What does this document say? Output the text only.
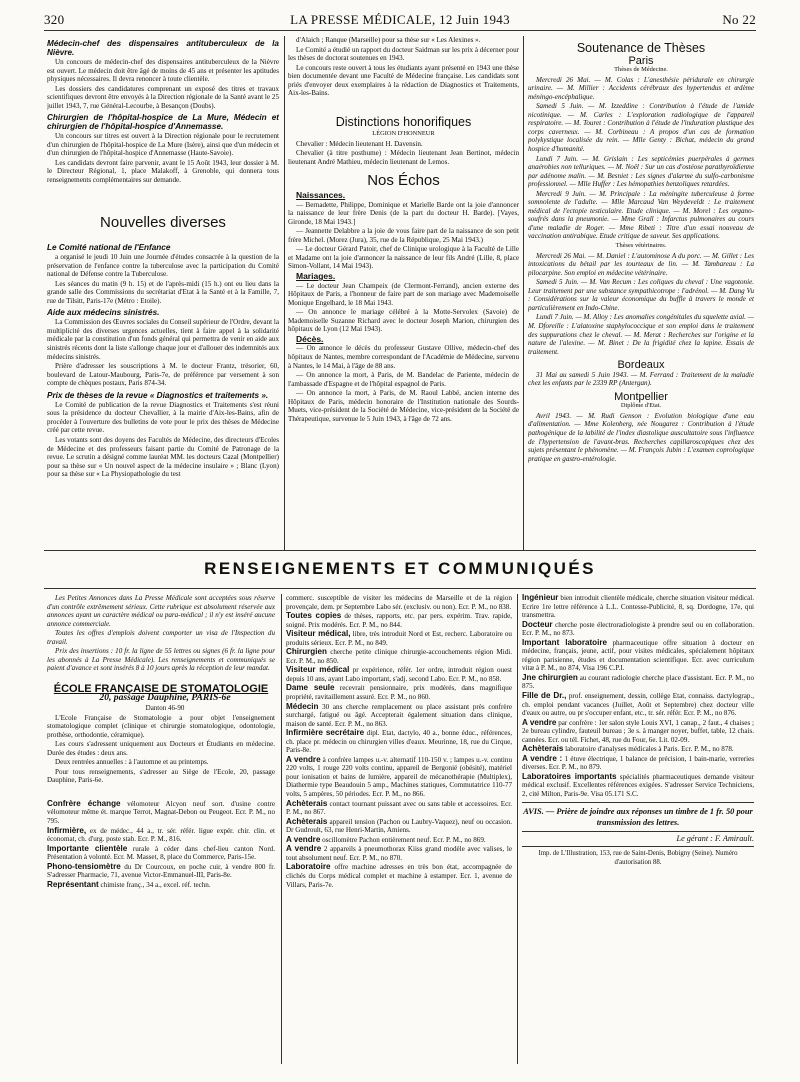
320	LA PRESSE MÉDICALE, 12 Juin 1943	No 22
Médecin-chef des dispensaires antituberculeux de la Nièvre.

Un concours de médecin-chef des dispensaires antituberculeux de la Nièvre est ouvert. Le médecin doit être âgé de moins de 45 ans et présenter les aptitudes physiques nécessaires. Il devra renoncer à toute clientèle.

Les dossiers des candidatures comprenant un exposé des titres et travaux scientifiques devront être envoyés à la Direction régionale de la Santé avant le 25 juillet 1943, 7, rue Général-Lecourbe, à Besançon (Doubs).

Chirurgien de l'hôpital-hospice de La Mure, Médecin et chirurgien de l'hôpital-hospice d'Annemasse.

Un concours sur titres est ouvert à la Direction régionale pour le recrutement d'un chirurgien de l'hôpital-hospice de La Mure (Isère), ainsi que d'un médecin et d'un chirurgien de l'hôpital-hospice d'Annemasse (Haute-Savoie).

Les candidats devront faire parvenir, avant le 15 Août 1943, leur dossier à M. le Directeur Régional, 1, place Malakoff, à Grenoble, qui donnera tous renseignements complémentaires sur demande.

Nouvelles diverses
Le Comité national de l'Enfance

a organisé le jeudi 10 Juin une Journée d'études consacrée à la question de la préservation de l'enfance contre la tuberculose avec la participation du Comité national de Défense contre la Tuberculose.

Les séances du matin (9 h. 15) et de l'après-midi (15 h.) ont eu lieu dans la grande salle des Commissions du secrétariat d'Etat à la Santé et à la Famille, 7, rue de Tilsitt, Paris-17e (Métro : Etoile).

Aide aux médecins sinistrés.

La Commission des Œuvres sociales du Conseil supérieur de l'Ordre, devant la multiplicité des diverses urgences actuelles, tient à faire appel à la solidarité médicale par la constitution d'un fonds général qui permettra de venir en aide aux sinistrés récents dont la liste s'allonge chaque jour et d'allouer des indemnités aux médecins sinistrés.

Prière d'adresser les souscriptions à M. le docteur Frantz, trésorier, 60, boulevard de Latour-Maubourg, Paris-7e, de préférence par versement à son compte de chèques postaux, Paris 874-34.

Prix de thèses de la revue « Diagnostics et traitements ».

Le Comité de publication de la revue Diagnostics et Traitements s'est réuni sous la présidence du docteur Chevallier, à la mairie d'Aix-les-Bains, afin de procéder à l'ouverture des bulletins de vote pour le prix des thèses de Médecine créé par cette revue.

Les votants sont des doyens des Facultés de Médecine, des directeurs d'Ecoles de Médecine et des professeurs faisant partie du Comité de Patronage de la revue. Le scrutin a désigné comme lauréat MM. les docteurs Cazal (Montpellier) pour sa thèse sur « Un nouvel aspect de la médecine insulaire » ; Blanc (Lyon) pour sa thèse sur « La Physiopathologie du test

d'Alaich ; Ranque (Marseille) pour sa thèse sur « Les Alexines ».

Le Comité a étudié un rapport du docteur Saidman sur les prix à décerner pour les thèses de doctorat soutenues en 1943.

Le concours reste ouvert à tous les étudiants ayant présenté en 1943 une thèse bien documentée devant une Faculté de Médecine française. Les candidats sont priés d'envoyer deux exemplaires à la rédaction de Diagnostics et Traitements, Aix-les-Bains.

Distinctions honorifiques

LÉGION D'HONNEUR

Chevalier : Médecin lieutenant H. Davensin.

Chevalier (à titre posthume) : Médecin lieutenant Jean Bertinot, médecin lieutenant André Mathieu, médecin lieutenant de Lemos.

Nos Échos

Naissances.

— Bernadette, Philippe, Dominique et Marielle Barde ont la joie d'annoncer la naissance de leur frère Denis (de la part du docteur H. Barde). [Vayes, Gironde, 18 Mai 1943.]

— Jeannette Delabbre a la joie de vous faire part de la naissance de son petit frère Michel. (Morez (Jura), 35, rue de la République, 25 Mai 1943.)

— Le docteur Gérard Patoir, chef de Clinique urologique à la Faculté de Lille et Madame ont la joie d'annoncer la naissance de leur fils André (Lille, 8, place Simon-Vollant, 14 Mai 1943).

Mariages.

— Le docteur Jean Champeix (de Clermont-Ferrand), ancien externe des Hôpitaux de Paris, a l'honneur de faire part de son mariage avec Mademoiselle Monique Engelhard, le 18 Mai 1943.

— On annonce le mariage célébré à la Motte-Servolex (Savoie) de Mademoiselle Suzanne Richard avec le docteur Joseph Marion, chirurgien des hôpitaux de Lyon (12 Mai 1943).

Décès.

— On annonce le décès du professeur Gustave Ollive, médecin-chef des hôpitaux de Nantes, membre correspondant de l'Académie de Médecine, survenu à Nantes, le 14 Mai, à l'âge de 88 ans.

— On annonce la mort, à Paris, de M. Bandelac de Pariente, médecin de l'ambassade d'Espagne et de l'hôpital espagnol de Paris.

— On annonce la mort, à Paris, de M. Raoul Labbé, ancien interne des Hôpitaux de Paris, médecin honoraire de l'Institution nationale des Sourds-Muets, vice-président de la Société de Médecine, vice-président de la Société de Thérapeutique, survenue le 5 Juin 1943, à l'âge de 72 ans.

Soutenance de Thèses
Paris

Thèses de Médecine.

Mercredi 26 Mai. — M. Colas : L'anesthésie péridurale en chirurgie urinaire. — M. Millier : Accidents cérébraux des hypertendus et œdème méningo-encéphalique.

Samedi 5 Juin. — M. Izzeddine : Contribution à l'étude de l'amide nicotinique. — M. Carles : L'exploration radiologique de l'appareil respiratoire. — M. Touret : Contribution à l'étude de l'induration plastique des corps caverneux. — M. Corbineau : A propos d'un cas de formation polykystique localisée du rein. — Mlle Genty : Bichat, médecin du grand hospice d'humanité.

Lundi 7 Juin. — M. Grislain : Les septicémies puerpérales à germes anaérobies non telluriques. — M. Noël : Sur un cas d'ostéose parathyroïdienne par adénome malin. — M. Besniet : Les signes d'alarme du sulfo-carbonisme professionnel. — Mlle Huffer : Les hémopathies benzoliques retardées.

Mercredi 9 Juin. — M. Principale : La méningite tuberculeuse à forme somnolente de l'adulte. — Mlle Marcaud Van Weydeveldt : Le traitement médical de l'ectopie testiculaire. Etude clinique. — M. Morel : Les organo-soufrés dans la pneumonie. — Mme Grall : Infarctus pulmonaires au cours d'une maladie de Roger. — Mme Ribeti : Titre d'un essai nouveau de vaccination antirabique. Etude critique de saveur. Ses applications.

Thèses vétérinaires.

Mercredi 26 Mai. — M. Daniel : L'autominose A du porc. — M. Gillet : Les intoxications du bétail par les tourteaux de lin. — M. Tambareau : La pilocarpine. Son emploi en médecine vétérinaire.

Samedi 5 Juin. — M. Van Recum : Les coliques du cheval : Une vagotonie. Leur traitement par une substance sympathicotrope : l'adrénol. — M. Dang Vu : Considérations sur la valeur économique du buffle à travers le monde et particulièrement en Indo-Chine.

Lundi 7 Juin. — M. Alloy : Les anomalies congénitales du squelette axial. — M. Dforeille : L'alatoxine staphylococcique et son emploi dans le traitement des suppurations chez le cheval. — M. Merat : Recherches sur l'origine et la nature de l'alexine. — M. Binet : De la frigidité chez la lapine. Essais de traitement.

Bordeaux

31 Mai au samedi 5 Juin 1943. — M. Ferrand : Traitement de la maladie chez les enfants par le 2339 RP (Antergan).

Montpellier

Diplôme d'Etat.

Avril 1943. — M. Rudi Genson : Evolution biologique d'une eau d'alimentation. — Mme Kolenberg, née Nougarez : Contribution à l'étude pathogénique de la labilité de l'index diastolique auscultatoire sous l'influence de l'hypertension de l'avant-bras. Recherches capillaroscopiques chez des sujets présentant le phénomène. — M. François Jubin : L'examen coprologique pratique en gastro-entérologie.

RENSEIGNEMENTS ET COMMUNIQUÉS

Les Petites Annonces dans La Presse Médicale sont acceptées sous réserve d'un contrôle extrêmement sérieux. Cette rubrique est absolument réservée aux annonces ayant un caractère médical ou para-médical ; il n'y est inséré aucune annonce commerciale.

Toutes les offres d'emplois doivent comporter un visa de l'Inspection du travail.

Prix des insertions : 10 fr. la ligne de 55 lettres ou signes (6 fr. la ligne pour les abonnés à La Presse Médicale). Les renseignements et communiqués se paient d'avance et sont insérés 8 à 10 jours après la réception de leur mandat.

ÉCOLE FRANÇAISE DE STOMATOLOGIE

20, passage Dauphine, PARIS-6e

Danton 46-90

L'Ecole Française de Stomatologie a pour objet l'enseignement stomatologique complet (clinique et chirurgie stomatologique, odontologie, prothèse, orthodontie, céramique).

Les cours s'adressent uniquement aux Docteurs et Étudiants en médecine. Durée des études : deux ans.

Deux rentrées annuelles : à l'automne et au printemps.

Pour tous renseignements, s'adresser au Siège de l'Ecole, 20, passage Dauphine, Paris-6e.

Confrère échange vélomoteur Alcyon neuf sort. d'usine contre vélomoteur même ét. marque Terrot, Magnat-Debon ou Peugeot. Ecr. P. M., no 795.

Infirmière, ex de médec., 44 a., tr. sér. référ. ligue expér. chir. clin. et économat, ch. d'urg. poste stab. Ecr. P. M., 816.

Importante clientèle rurale à céder dans chef-lieu canton Nord. Présentation à volonté. Ecr. M. Masset, 8, place du Commerce, Paris-15e.

Phono-tensiomètre du Dr Courcoux, en poche cuir, à vendre 800 fr. S'adresser Pharmacie, 71, avenue Victor-Emmanuel-III, Paris-8e.

Représentant chimiste franç., 34 a., excel. réf. techn.

commerc. susceptible de visiter les médecins de Marseille et de la région provençale, dem. pr Septembre Labo sér. (exclusiv. ou non). Ecr. P. M., no 838.

Toutes copies de thèses, rapports, etc. par pers. expérim. Trav. rapide, soigné. Prix modérés. Ecr. P. M., no 844.

Visiteur médical, libre, très introduit Nord et Est, recherc. Laboratoire ou produits sérieux. Ecr. P. M., no 849.

Chirurgien cherche petite clinique chirurgie-accouchements région Midi. Ecr. P. M., no 850.

Visiteur médical pr expérience, référ. 1er ordre, introduit région ouest depuis 10 ans, ayant Labo important, s'adj. second Labo. Ecr. P. M., no 858.

Dame seule recevrait pensionnaire, prix modérés, dans magnifique propriété, ravitaillement assuré. Ecr. P. M., no 860.

Médecin 30 ans cherche remplacement ou place assistant près confrère surchargé, fatigué ou âgé. Accepterait également situation dans clinique, maison de santé. Ecr. P. M., no 863.

Infirmière secrétaire dipl. Etat, dactylo, 40 a., bonne éduc., références, ch. place pr. médecin ou chirurgien villes d'eaux. Meurinne, 18, rue du Cirque, Paris-8e.

A vendre à confrère lampes u.-v. alternatif 110-150 v. ; lampes u.-v. continu 220 volts, 1 rouge 220 volts continu, appareil de Bergonié (obésité), matériel pour ionisation et bains de lumière, appareil de mécanothérapie (Multiplex), Diathermie type Beaudouin 5 amp., Machines statiques, Commutatrice 110-77 volts, 5 ampères, 50 périodes. Ecr. P. M., no 866.

Achèterais contact tournant puissant avec ou sans table et accessoires. Ecr. P. M., no 867.

Achèterais appareil tension (Pachon ou Laubry-Vaquez), neuf ou occasion. Dr Gudroult, 63, rue Henri-Martin, Amiens.

A vendre oscillomètre Pachon entièrement neuf. Ecr. P. M., no 869.

A vendre 2 appareils à pneumothorax Kiiss grand modèle avec valises, le tout absolument neuf. Ecr. P. M., no 870.

Laboratoire offre machine adresses en très bon état, accompagnée de clichés du Corps médical complet et machine à estamper. Ecr. 1, avenue de Villars, Paris-7e.

Ingénieur bien introduit clientèle médicale, cherche situation visiteur médical. Ecrire 1re lettre référence à L.L. Contesse-Publicité, 8, sq. Dordogne, 17e, qui transmettra.

Docteur cherche poste électroradiologiste à prendre seul ou en collaboration. Ecr. P. M., no 873.

Important laboratoire pharmaceutique offre situation à docteur en médecine, français, jeune, actif, pour visites médicales, spécialement hôpitaux région parisienne, études et documentation scientifique. Ecr. avec curriculum vitæ à P. M., no 874, Visa 196 C.P.I.

Jne chirurgien au courant radiologie cherche place d'assistant. Ecr. P. M., no 875.

Fille de Dr., prof. enseignement, dessin, collège Etat, connaiss. dactylograp., ch. emploi pendant vacances (Juillet, Août et Septembre) chez docteur ville d'eaux ou autre, ou pr s'occuper enfant, etc., tr. sér. référ. Ecr. P. M., no 876.

A vendre par confrère : 1er salon style Louis XVI, 1 canap., 2 faut., 4 chaises ; 2e bureau cylindre, fauteuil bureau ; 3e s. à manger noyer, buffet, table, 12 chais. cannées. Ecr. ou tél. Fichet, 48, rue du Four, 6e. Lit. 02-09.

Achèterais laboratoire d'analyses médicales à Paris. Ecr. P. M., no 878.

A vendre : 1 étuve électrique, 1 balance de précision, 1 bain-marie, verreries diverses. Ecr. P. M., no 879.

Laboratoires importants spécialités pharmaceutiques demande visiteur médical exclusif. Excellentes références exigées. S'adresser Service Techniciens, 2, cité Milton, Paris-9e. Visa 05.171 S.C.

AVIS. — Prière de joindre aux réponses un timbre de 1 fr. 50 pour transmission des lettres.

Le gérant : F. Amirault.

Imp. de L'Illustration, 153, rue de Saint-Denis, Bobigny (Seine). Numéro d'autorisation 88.
